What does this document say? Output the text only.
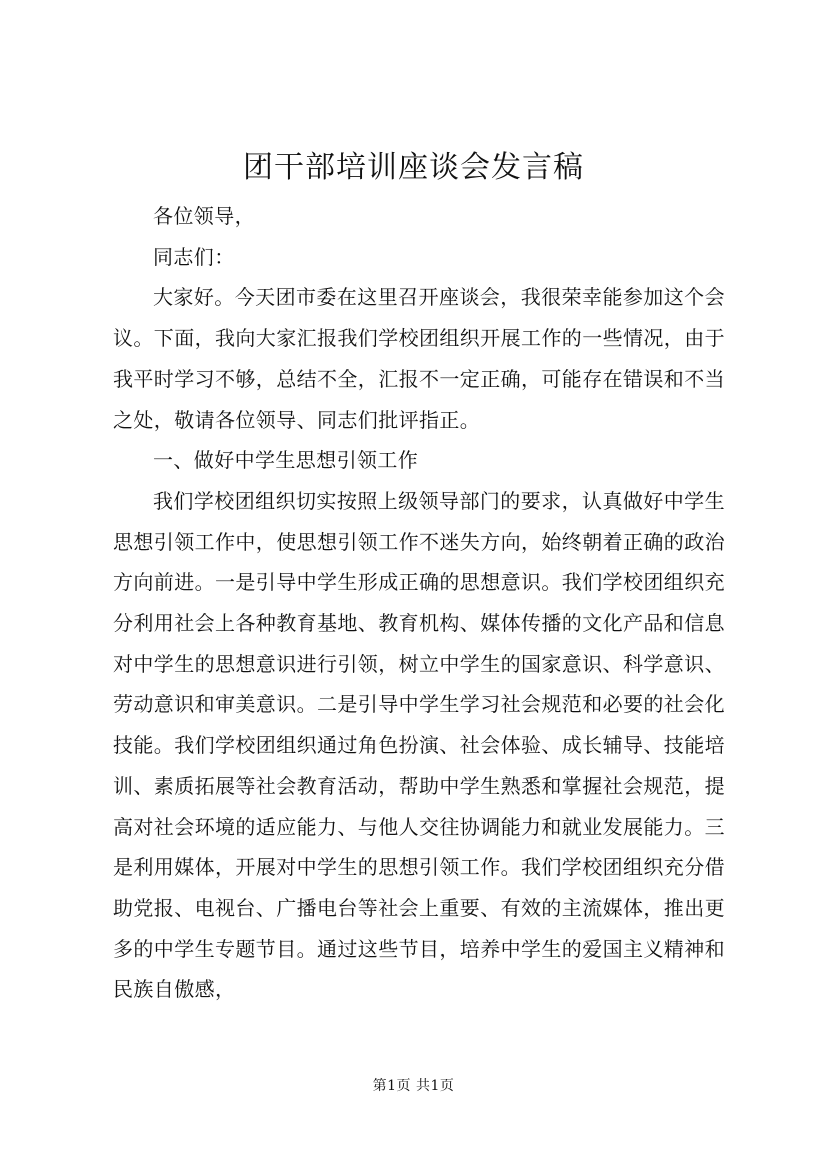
团干部培训座谈会发言稿

各位领导，

同志们：

大家好。今天团市委在这里召开座谈会，我很荣幸能参加这个会议。下面，我向大家汇报我们学校团组织开展工作的一些情况，由于我平时学习不够，总结不全，汇报不一定正确，可能存在错误和不当之处，敬请各位领导、同志们批评指正。

一、做好中学生思想引领工作

我们学校团组织切实按照上级领导部门的要求，认真做好中学生思想引领工作中，使思想引领工作不迷失方向，始终朝着正确的政治方向前进。一是引导中学生形成正确的思想意识。我们学校团组织充分利用社会上各种教育基地、教育机构、媒体传播的文化产品和信息对中学生的思想意识进行引领，树立中学生的国家意识、科学意识、劳动意识和审美意识。二是引导中学生学习社会规范和必要的社会化技能。我们学校团组织通过角色扮演、社会体验、成长辅导、技能培训、素质拓展等社会教育活动，帮助中学生熟悉和掌握社会规范，提高对社会环境的适应能力、与他人交往协调能力和就业发展能力。三是利用媒体，开展对中学生的思想引领工作。我们学校团组织充分借助党报、电视台、广播电台等社会上重要、有效的主流媒体，推出更多的中学生专题节目。通过这些节目，培养中学生的爱国主义精神和民族自傲感，

第1页 共1页
